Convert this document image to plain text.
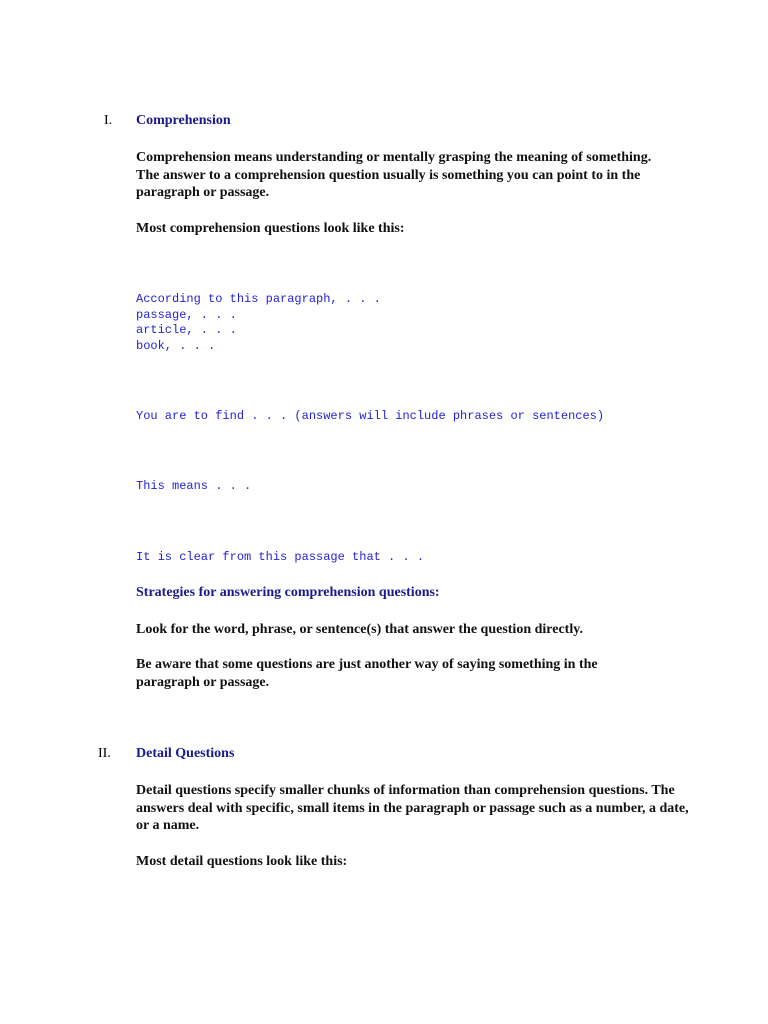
I. Comprehension
Comprehension means understanding or mentally grasping the meaning of something. The answer to a comprehension question usually is something you can point to in the paragraph or passage.
Most comprehension questions look like this:
According to this paragraph, . . .
passage, . . .
article, . . .
book, . . .
You are to find . . . (answers will include phrases or sentences)
This means . . .
It is clear from this passage that . . .
Strategies for answering comprehension questions:
Look for the word, phrase, or sentence(s) that answer the question directly.
Be aware that some questions are just another way of saying something in the paragraph or passage.
II. Detail Questions
Detail questions specify smaller chunks of information than comprehension questions. The answers deal with specific, small items in the paragraph or passage such as a number, a date, or a name.
Most detail questions look like this:
